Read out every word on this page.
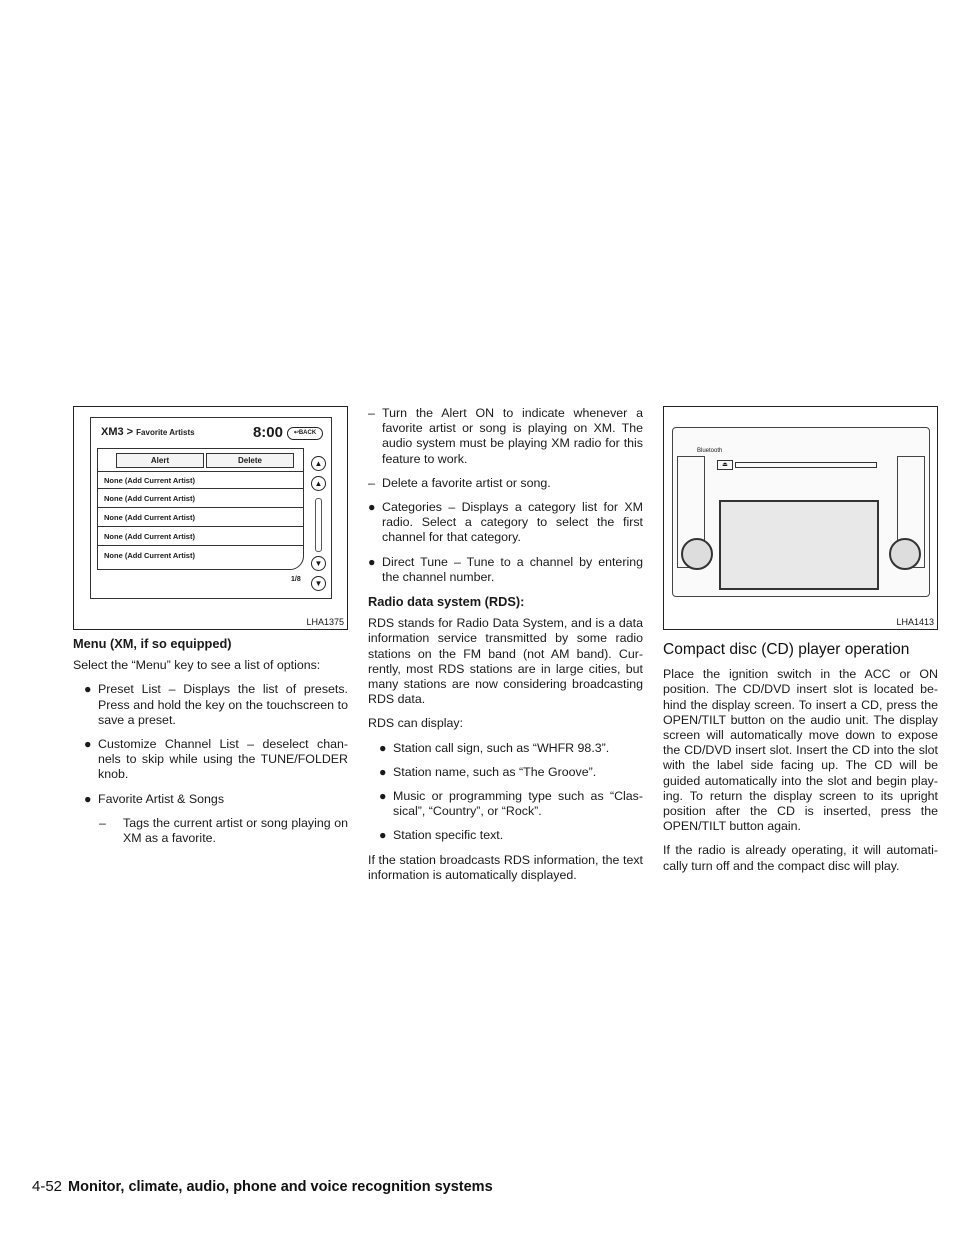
XM3 > Favorite Artists	8:00	↩BACK
Alert	Delete
None (Add Current Artist)
None (Add Current Artist)
None (Add Current Artist)
None (Add Current Artist)
None (Add Current Artist)
▲
▲
▼
▼
1/8
LHA1375

Menu (XM, if so equipped)

Select the “Menu” key to see a list of options:

● Preset List – Displays the list of presets. Press and hold the key on the touchscreen to save a preset.
● Customize Channel List – deselect chan- nels to skip while using the TUNE/FOLDER knob.
● Favorite Artist & Songs
– Tags the current artist or song playing on XM as a favorite.
– Turn the Alert ON to indicate whenever a favorite artist or song is playing on XM. The audio system must be playing XM radio for this feature to work.
– Delete a favorite artist or song.
● Categories – Displays a category list for XM radio. Select a category to select the first channel for that category.
● Direct Tune – Tune to a channel by entering the channel number.

Radio data system (RDS):

RDS stands for Radio Data System, and is a data information service transmitted by some radio stations on the FM band (not AM band). Cur- rently, most RDS stations are in large cities, but many stations are now considering broadcasting RDS data.

RDS can display:

● Station call sign, such as “WHFR 98.3”.
● Station name, such as “The Groove”.
● Music or programming type such as “Clas- sical”, “Country”, or “Rock”.
● Station specific text.

If the station broadcasts RDS information, the text information is automatically displayed.

Bluetooth
⏏
LHA1413

Compact disc (CD) player operation

Place the ignition switch in the ACC or ON position. The CD/DVD insert slot is located be- hind the display screen. To insert a CD, press the OPEN/TILT button on the audio unit. The display screen will automatically move down to expose the CD/DVD insert slot. Insert the CD into the slot with the label side facing up. The CD will be guided automatically into the slot and begin play- ing. To return the display screen to its upright position after the CD is inserted, press the OPEN/TILT button again.

If the radio is already operating, it will automati- cally turn off and the compact disc will play.

4-52 Monitor, climate, audio, phone and voice recognition systems
